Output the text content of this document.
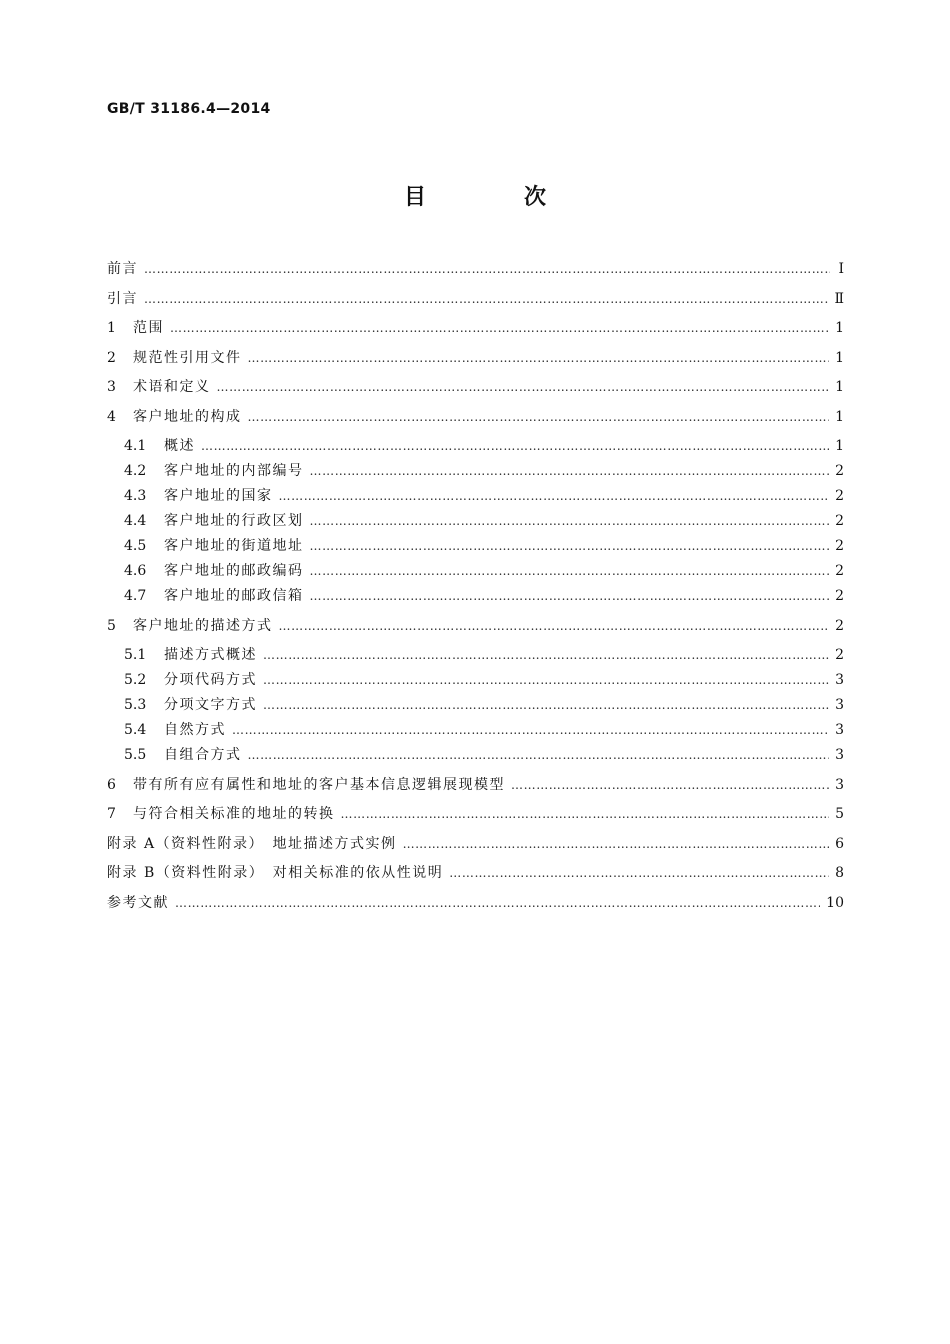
GB/T 31186.4—2014
目　次
前言 ……………………………………………………………………………………………………………………………………………………………………………………………………………………………………………………………………………………	Ⅰ
引言 ……………………………………………………………………………………………………………………………………………………………………………………………………………………………………………………………………………………	Ⅱ
1	范围 ……………………………………………………………………………………………………………………………………………………………………………………………………………………………………………………………………………………	1
2	规范性引用文件 ……………………………………………………………………………………………………………………………………………………………………………………………………………………………………………………………………………………	1
3	术语和定义 ……………………………………………………………………………………………………………………………………………………………………………………………………………………………………………………………………………………	1
4	客户地址的构成 ……………………………………………………………………………………………………………………………………………………………………………………………………………………………………………………………………………………	1
4.1	概述 ……………………………………………………………………………………………………………………………………………………………………………………………………………………………………………………………………………………	1
4.2	客户地址的内部编号 ……………………………………………………………………………………………………………………………………………………………………………………………………………………………………………………………………………………	2
4.3	客户地址的国家 ……………………………………………………………………………………………………………………………………………………………………………………………………………………………………………………………………………………	2
4.4	客户地址的行政区划 ……………………………………………………………………………………………………………………………………………………………………………………………………………………………………………………………………………………	2
4.5	客户地址的街道地址 ……………………………………………………………………………………………………………………………………………………………………………………………………………………………………………………………………………………	2
4.6	客户地址的邮政编码 ……………………………………………………………………………………………………………………………………………………………………………………………………………………………………………………………………………………	2
4.7	客户地址的邮政信箱 ……………………………………………………………………………………………………………………………………………………………………………………………………………………………………………………………………………………	2
5	客户地址的描述方式 ……………………………………………………………………………………………………………………………………………………………………………………………………………………………………………………………………………………	2
5.1	描述方式概述 ……………………………………………………………………………………………………………………………………………………………………………………………………………………………………………………………………………………	2
5.2	分项代码方式 ……………………………………………………………………………………………………………………………………………………………………………………………………………………………………………………………………………………	3
5.3	分项文字方式 ……………………………………………………………………………………………………………………………………………………………………………………………………………………………………………………………………………………	3
5.4	自然方式 ……………………………………………………………………………………………………………………………………………………………………………………………………………………………………………………………………………………	3
5.5	自组合方式 ……………………………………………………………………………………………………………………………………………………………………………………………………………………………………………………………………………………	3
6	带有所有应有属性和地址的客户基本信息逻辑展现模型 ……………………………………………………………………………………………………………………………………………………………………………………………………………………………………………………………………………………	3
7	与符合相关标准的地址的转换 ……………………………………………………………………………………………………………………………………………………………………………………………………………………………………………………………………………………	5
附录 A（资料性附录）　地址描述方式实例 ……………………………………………………………………………………………………………………………………………………………………………………………………………………………………………………………………………………	6
附录 B（资料性附录）　对相关标准的依从性说明 ……………………………………………………………………………………………………………………………………………………………………………………………………………………………………………………………………………………	8
参考文献 ……………………………………………………………………………………………………………………………………………………………………………………………………………………………………………………………………………………	10
